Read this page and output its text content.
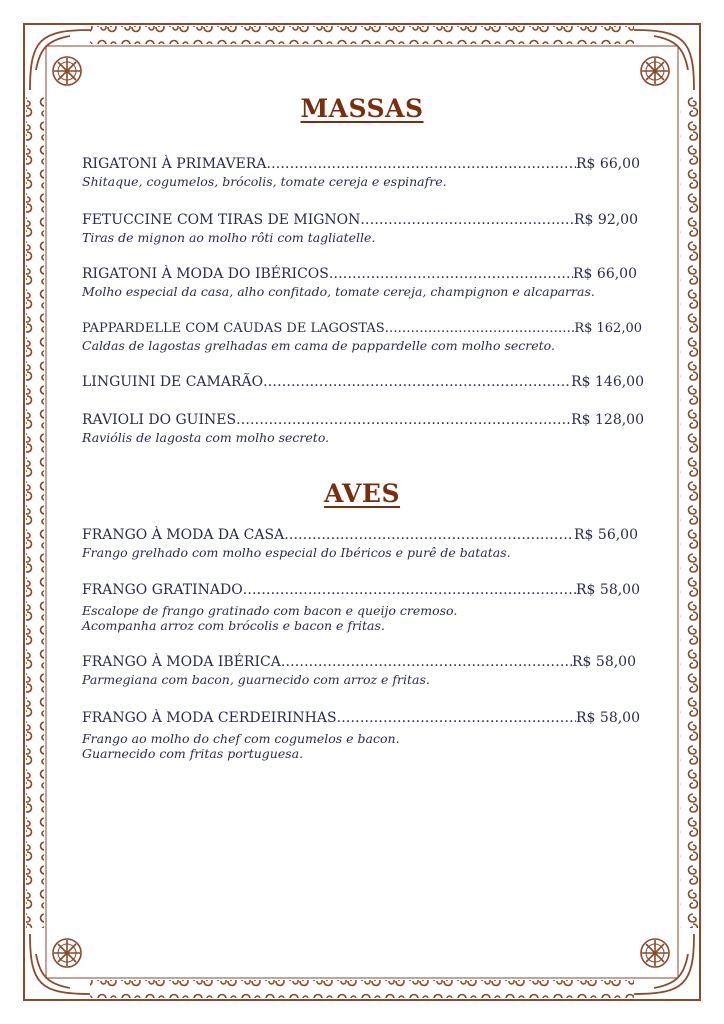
MASSAS
RIGATONI À PRIMAVERA .....	R$ 66,00
Shitaque, cogumelos, brócolis, tomate cereja e espinafre.
FETUCCINE COM TIRAS DE MIGNON .....	R$ 92,00
Tiras de mignon ao molho rôti com tagliatelle.
RIGATONI À MODA DO IBÉRICOS .....	R$ 66,00
Molho especial da casa, alho confitado, tomate cereja, champignon e alcaparras.
PAPPARDELLE COM CAUDAS DE LAGOSTAS .....	R$ 162,00
Caldas de lagostas grelhadas em cama de pappardelle com molho secreto.
LINGUINI DE CAMARÃO .....	R$ 146,00
RAVIOLI DO GUINES .....	R$ 128,00
Raviólis de lagosta com molho secreto.
AVES
FRANGO À MODA DA CASA .....	R$ 56,00
Frango grelhado com molho especial do Ibéricos e purê de batatas.
FRANGO GRATINADO .....	R$ 58,00
Escalope de frango gratinado com bacon e queijo cremoso.
Acompanha arroz com brócolis e bacon e fritas.
FRANGO À MODA IBÉRICA .....	R$ 58,00
Parmegiana com bacon, guarnecido com arroz e fritas.
FRANGO À MODA CERDEIRINHAS .....	R$ 58,00
Frango ao molho do chef com cogumelos e bacon.
Guarnecido com fritas portuguesa.
